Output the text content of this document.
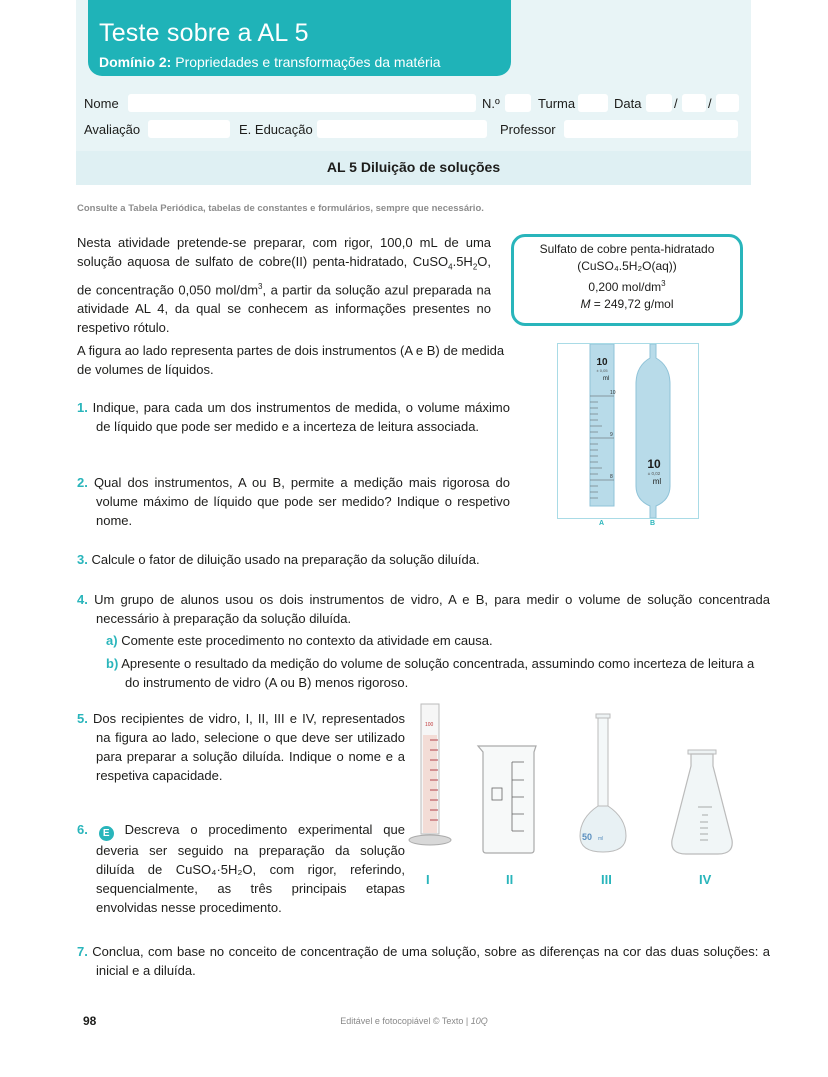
Teste sobre a AL 5
Domínio 2: Propriedades e transformações da matéria
Nome	N.º	Turma	Data	/ /
Avaliação	E. Educação	Professor
AL 5 Diluição de soluções
Consulte a Tabela Periódica, tabelas de constantes e formulários, sempre que necessário.
Nesta atividade pretende-se preparar, com rigor, 100,0 mL de uma solução aquosa de sulfato de cobre(II) penta-hidratado, $CuSO_4.5H_2O$, de concentração 0,050 mol/$dm^3$, a partir da solução azul preparada na atividade AL 4, da qual se conhecem as informações presentes no respetivo rótulo.
Sulfato de cobre penta-hidratado
(CuSO₄.5H₂O(aq))
0,200 mol/$dm^3$
M = 249,72 g/mol
A figura ao lado representa partes de dois instrumentos (A e B) de medida de volumes de líquidos.	10
± 0,05
ml
10
9
8
10
± 0,02
ml
A	B
1. Indique, para cada um dos instrumentos de medida, o volume máximo de líquido que pode ser medido e a incerteza de leitura associada.
2. Qual dos instrumentos, A ou B, permite a medição mais rigorosa do volume máximo de líquido que pode ser medido? Indique o respetivo nome.
3. Calcule o fator de diluição usado na preparação da solução diluída.
4. Um grupo de alunos usou os dois instrumentos de vidro, A e B, para medir o volume de solução concentrada necessário à preparação da solução diluída.
a) Comente este procedimento no contexto da atividade em causa.
b) Apresente o resultado da medição do volume de solução concentrada, assumindo como incerteza de leitura a do instrumento de vidro (A ou B) menos rigoroso.
5. Dos recipientes de vidro, I, II, III e IV, representados na figura ao lado, selecione o que deve ser utilizado para preparar a solução diluída. Indique o nome e a respetiva capacidade.
6. E Descreva o procedimento experimental que deveria ser seguido na preparação da solução diluída de CuSO₄·5H₂O, com rigor, referindo, sequencialmente, as três principais etapas envolvidas nesse procedimento.
100
50 ml
I	II	III	IV
7. Conclua, com base no conceito de concentração de uma solução, sobre as diferenças na cor das duas soluções: a inicial e a diluída.
98	Editável e fotocopiável © Texto | 10Q
